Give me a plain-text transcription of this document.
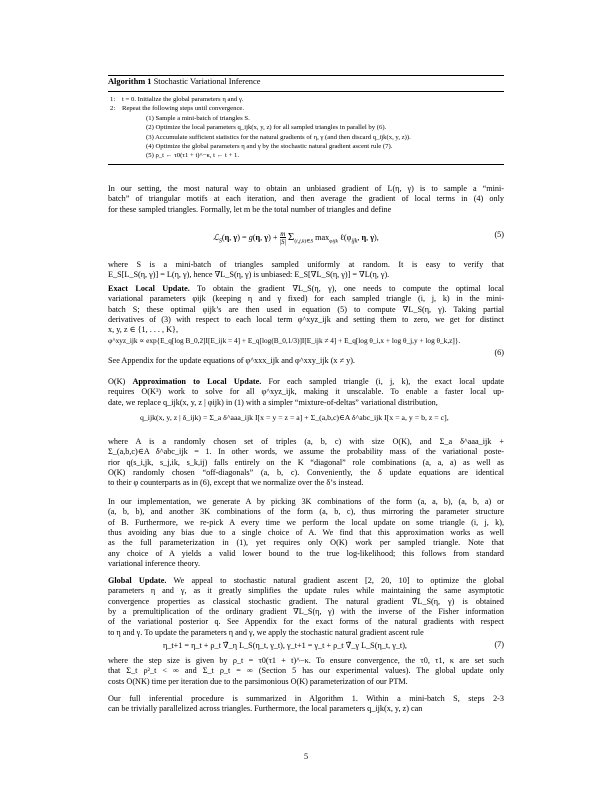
Algorithm 1 Stochastic Variational Inference
1:	t = 0. Initialize the global parameters η and γ.
2:	Repeat the following steps until convergence.
(1) Sample a mini-batch of triangles S.
(2) Optimize the local parameters q_ijk(x, y, z) for all sampled triangles in parallel by (6).
(3) Accumulate sufficient statistics for the natural gradients of η, γ (and then discard q_ijk(x, y, z)).
(4) Optimize the global parameters η and γ by the stochastic natural gradient ascent rule (7).
(5) ρ_t ← τ0(τ1 + t)^−κ, t ← t + 1.
In our setting, the most natural way to obtain an unbiased gradient of L(η, γ) is to sample a “mini-
batch” of triangular motifs at each iteration, and then average the gradient of local terms in (4) only
for these sampled triangles. Formally, let m be the total number of triangles and define
ℒ$_S$(η, γ) = g(η, $\gamma) + \frac{m}{|S|} \Sigma_{(i,j,k)\in S}$ $\max_{\varphi ijk}$ $\ell(\varphi_{ijk}$, η, γ),	(5)
where S is a mini-batch of triangles sampled uniformly at random. It is easy to verify that
E_S[L_S(η, γ)] = L(η, γ), hence ∇L_S(η, γ) is unbiased: E_S[∇L_S(η, γ)] = ∇L(η, γ).
Exact Local Update. To obtain the gradient ∇L_S(η, γ), one needs to compute the optimal local
variational parameters φijk (keeping η and γ fixed) for each sampled triangle (i, j, k) in the mini-
batch S; these optimal φijk’s are then used in equation (5) to compute ∇L_S(η, γ). Taking partial
derivatives of (3) with respect to each local term φ^xyz_ijk and setting them to zero, we get for distinct
x, y, z ∈ {1, . . . , K},
φ^xyz_ijk ∝ exp{E_q[log B_0,2]I[E_ijk = 4] + E_q[log(B_0,1/3)]I[E_ijk ≠ 4] + E_q[log θ_i,x + log θ_j,y + log θ_k,z]}.
(6)
See Appendix for the update equations of φ^xxx_ijk and φ^xxy_ijk (x ≠ y).
O(K) Approximation to Local Update. For each sampled triangle (i, j, k), the exact local update
requires O(K³) work to solve for all φ^xyz_ijk, making it unscalable. To enable a faster local up-
date, we replace q_ijk(x, y, z | φijk) in (1) with a simpler “mixture-of-deltas” variational distribution,
q_ijk(x, y, z | δ_ijk) = Σ_a δ^aaa_ijk I[x = y = z = a] + Σ_(a,b,c)∈A δ^abc_ijk I[x = a, y = b, z = c],
where A is a randomly chosen set of triples (a, b, c) with size O(K), and Σ_a δ^aaa_ijk +
Σ_(a,b,c)∈A δ^abc_ijk = 1. In other words, we assume the probability mass of the variational poste-
rior q(s_i,jk, s_j,ik, s_k,ij) falls entirely on the K “diagonal” role combinations (a, a, a) as well as
O(K) randomly chosen “off-diagonals” (a, b, c). Conveniently, the δ update equations are identical
to their φ counterparts as in (6), except that we normalize over the δ’s instead.
In our implementation, we generate A by picking 3K combinations of the form (a, a, b), (a, b, a) or
(a, b, b), and another 3K combinations of the form (a, b, c), thus mirroring the parameter structure
of B. Furthermore, we re-pick A every time we perform the local update on some triangle (i, j, k),
thus avoiding any bias due to a single choice of A. We find that this approximation works as well
as the full parameterization in (1), yet requires only O(K) work per sampled triangle. Note that
any choice of A yields a valid lower bound to the true log-likelihood; this follows from standard
variational inference theory.
Global Update. We appeal to stochastic natural gradient ascent [2, 20, 10] to optimize the global
parameters η and γ, as it greatly simplifies the update rules while maintaining the same asymptotic
convergence properties as classical stochastic gradient. The natural gradient ∇̃L_S(η, γ) is obtained
by a premultiplication of the ordinary gradient ∇L_S(η, γ) with the inverse of the Fisher information
of the variational posterior q. See Appendix for the exact forms of the natural gradients with respect
to η and γ. To update the parameters η and γ, we apply the stochastic natural gradient ascent rule
η_t+1 = η_t + ρ_t ∇̃_η L_S(η_t, γ_t), γ_t+1 = γ_t + ρ_t ∇̃_γ L_S(η_t, γ_t),	(7)
where the step size is given by ρ_t = τ0(τ1 + t)^−κ. To ensure convergence, the τ0, τ1, κ are set such
that Σ_t ρ²_t < ∞ and Σ_t ρ_t = ∞ (Section 5 has our experimental values). The global update only
costs O(NK) time per iteration due to the parsimonious O(K) parameterization of our PTM.
Our full inferential procedure is summarized in Algorithm 1. Within a mini-batch S, steps 2-3
can be trivially parallelized across triangles. Furthermore, the local parameters q_ijk(x, y, z) can
5
